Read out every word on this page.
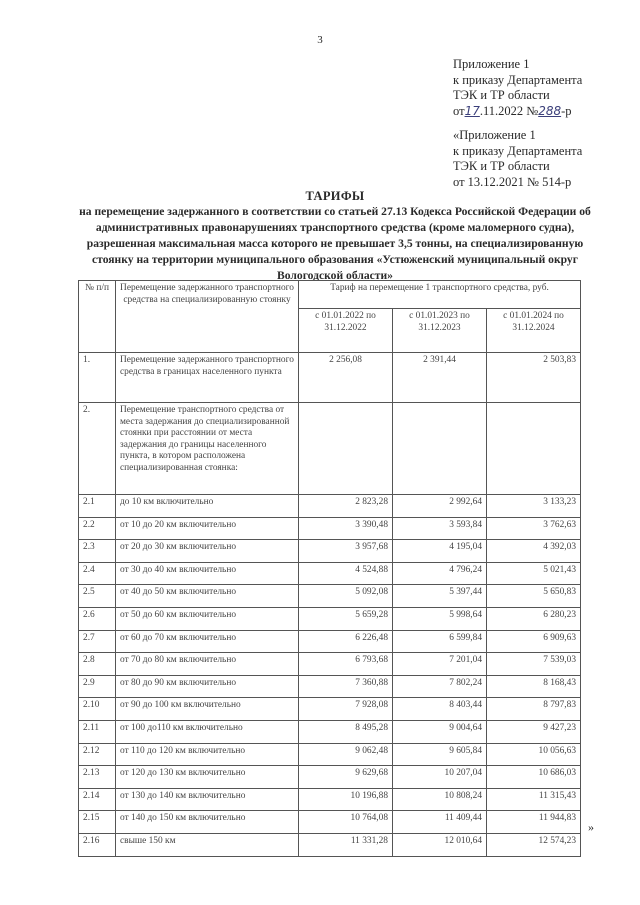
3
Приложение 1
к приказу Департамента
ТЭК и ТР области
от17.11.2022 №288-р
«Приложение 1
к приказу Департамента
ТЭК и ТР области
от 13.12.2021 № 514-р
ТАРИФЫ
на перемещение задержанного в соответствии со статьей 27.13 Кодекса Российской Федерации об административных правонарушениях транспортного средства (кроме маломерного судна), разрешенная максимальная масса которого не превышает 3,5 тонны, на специализированную стоянку на территории муниципального образования «Устюженский муниципальный округ Вологодской области»
№ п/п	Перемещение задержанного транспортного средства на специализированную стоянку	Тариф на перемещение 1 транспортного средства, руб.		
		с 01.01.2022 по 31.12.2022	с 01.01.2023 по 31.12.2023	с 01.01.2024 по 31.12.2024
1.	Перемещение задержанного транспортного средства в границах населенного пункта	2 256,08	2 391,44	2 503,83
2.	Перемещение транспортного средства от места задержания до специализированной стоянки при расстоянии от места задержания до границы населенного пункта, в котором расположена специализированная стоянка:			
2.1	до 10 км включительно	2 823,28	2 992,64	3 133,23
2.2	от 10 до 20 км включительно	3 390,48	3 593,84	3 762,63
2.3	от 20 до 30 км включительно	3 957,68	4 195,04	4 392,03
2.4	от 30 до 40 км включительно	4 524,88	4 796,24	5 021,43
2.5	от 40 до 50 км включительно	5 092,08	5 397,44	5 650,83
2.6	от 50 до 60 км включительно	5 659,28	5 998,64	6 280,23
2.7	от 60 до 70 км включительно	6 226,48	6 599,84	6 909,63
2.8	от 70 до 80 км включительно	6 793,68	7 201,04	7 539,03
2.9	от 80 до 90 км включительно	7 360,88	7 802,24	8 168,43
2.10	от 90 до 100 км включительно	7 928,08	8 403,44	8 797,83
2.11	от 100 до110 км включительно	8 495,28	9 004,64	9 427,23
2.12	от 110 до 120 км включительно	9 062,48	9 605,84	10 056,63
2.13	от 120 до 130 км включительно	9 629,68	10 207,04	10 686,03
2.14	от 130 до 140 км включительно	10 196,88	10 808,24	11 315,43
2.15	от 140 до 150 км включительно	10 764,08	11 409,44	11 944,83
2.16	свыше 150 км	11 331,28	12 010,64	12 574,23
»
